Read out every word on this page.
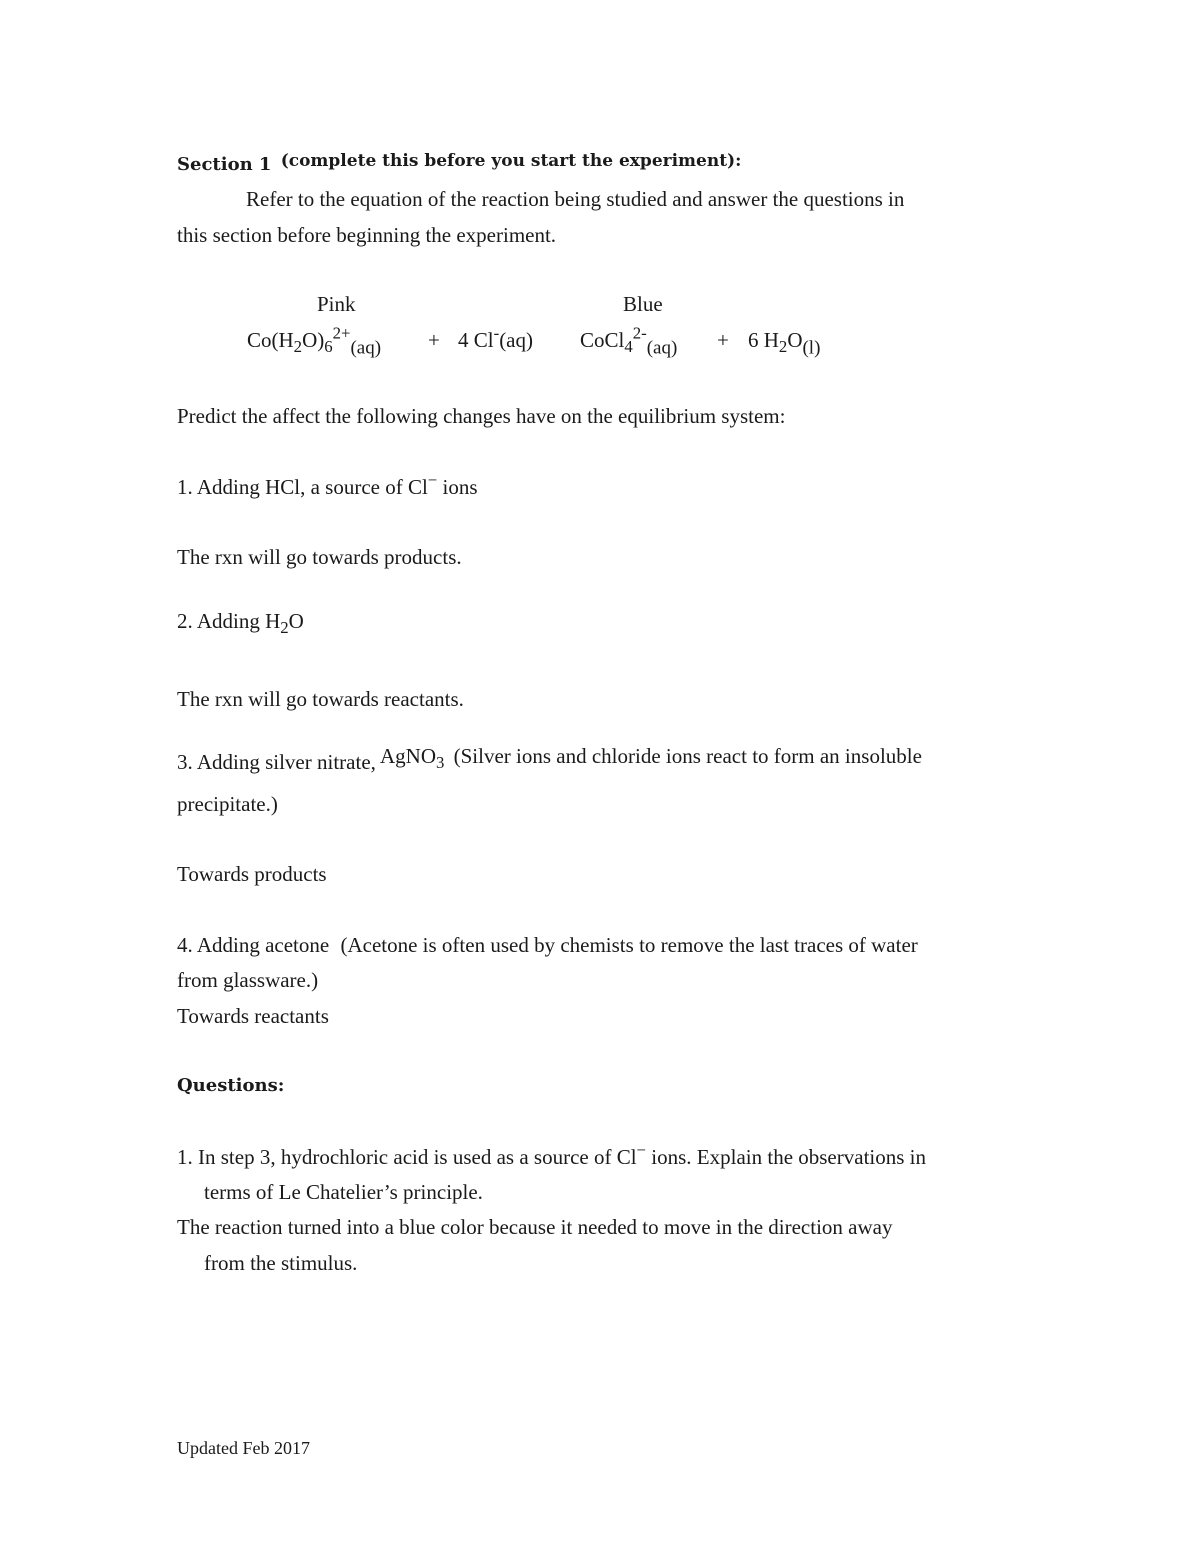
Section 1 (complete this before you start the experiment):
Refer to the equation of the reaction being studied and answer the questions in
this section before beginning the experiment.
Pink	Blue
$Co(H_2O)_6^{2+}_{(aq)} + 4$ Cl-(aq) CoCl$_4^{2-}_{(aq)}$ + 6 $H_2O_{(l)}$
Predict the affect the following changes have on the equilibrium system:
1. Adding HCl, a source of Cl− ions
The rxn will go towards products.
2. Adding $H_2O$
The rxn will go towards reactants.
3. Adding silver nitrate, AgNO$_3$ (Silver ions and chloride ions react to form an insoluble
precipitate.)
Towards products
4. Adding acetone (Acetone is often used by chemists to remove the last traces of water
from glassware.)
Towards reactants
Questions:
1. In step 3, hydrochloric acid is used as a source of Cl− ions. Explain the observations in
terms of Le Chatelier’s principle.
The reaction turned into a blue color because it needed to move in the direction away
from the stimulus.
Updated Feb 2017
